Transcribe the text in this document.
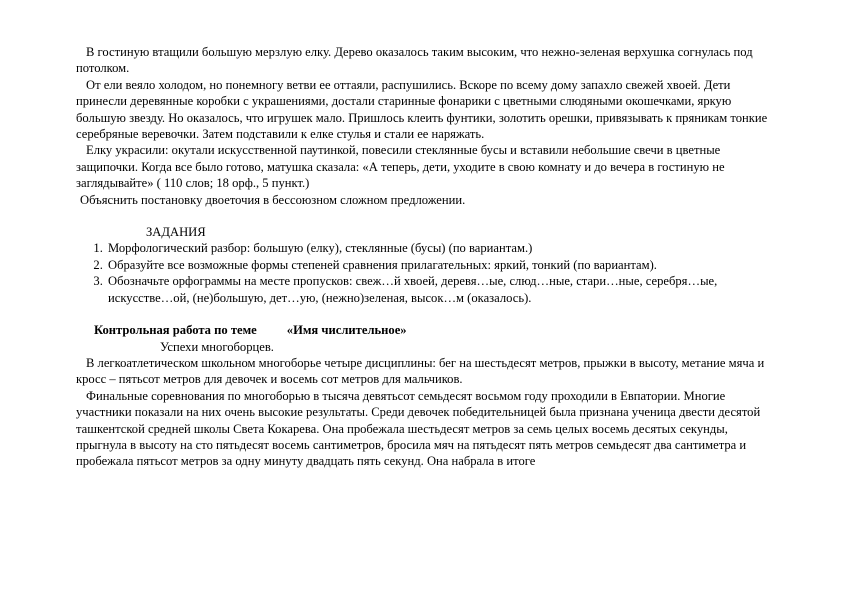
В гостиную втащили большую мерзлую елку. Дерево оказалось таким высоким, что нежно-зеленая верхушка согнулась под потолком.

От ели веяло холодом, но понемногу ветви ее оттаяли, распушились. Вскоре по всему дому запахло свежей хвоей. Дети принесли деревянные коробки с украшениями, достали старинные фонарики с цветными слюдяными окошечками, яркую большую звезду. Но оказалось, что игрушек мало. Пришлось клеить фунтики, золотить орешки, привязывать к пряникам тонкие серебряные веревочки. Затем подставили к елке стулья и стали ее наряжать.

Елку украсили: окутали искусственной паутинкой, повесили стеклянные бусы и вставили небольшие свечи в цветные защипочки. Когда все было готово, матушка сказала: «А теперь, дети, уходите в свою комнату и до вечера в гостиную не заглядывайте» ( 110 слов; 18 орф., 5 пункт.)

Объяснить постановку двоеточия в бессоюзном сложном предложении.

ЗАДАНИЯ

1. Морфологический разбор: большую (елку), стеклянные (бусы) (по вариантам.)
2. Образуйте все возможные формы степеней сравнения прилагательных: яркий, тонкий (по вариантам).
3. Обозначьте орфограммы на месте пропусков: свеж…й хвоей, деревя…ые, слюд…ные, стари…ные, серебря…ые, искусстве…ой, (не)большую, дет…ую, (нежно)зеленая, высок…м (оказалось).

Контрольная работа по теме «Имя числительное»

Успехи многоборцев.

В легкоатлетическом школьном многоборье четыре дисциплины: бег на шестьдесят метров, прыжки в высоту, метание мяча и кросс – пятьсот метров для девочек и восемь сот метров для мальчиков.

Финальные соревнования по многоборью в тысяча девятьсот семьдесят восьмом году проходили в Евпатории. Многие участники показали на них очень высокие результаты. Среди девочек победительницей была признана ученица двести десятой ташкентской средней школы Света Кокарева. Она пробежала шестьдесят метров за семь целых восемь десятых секунды, прыгнула в высоту на сто пятьдесят восемь сантиметров, бросила мяч на пятьдесят пять метров семьдесят два сантиметра и пробежала пятьсот метров за одну минуту двадцать пять секунд. Она набрала в итоге
